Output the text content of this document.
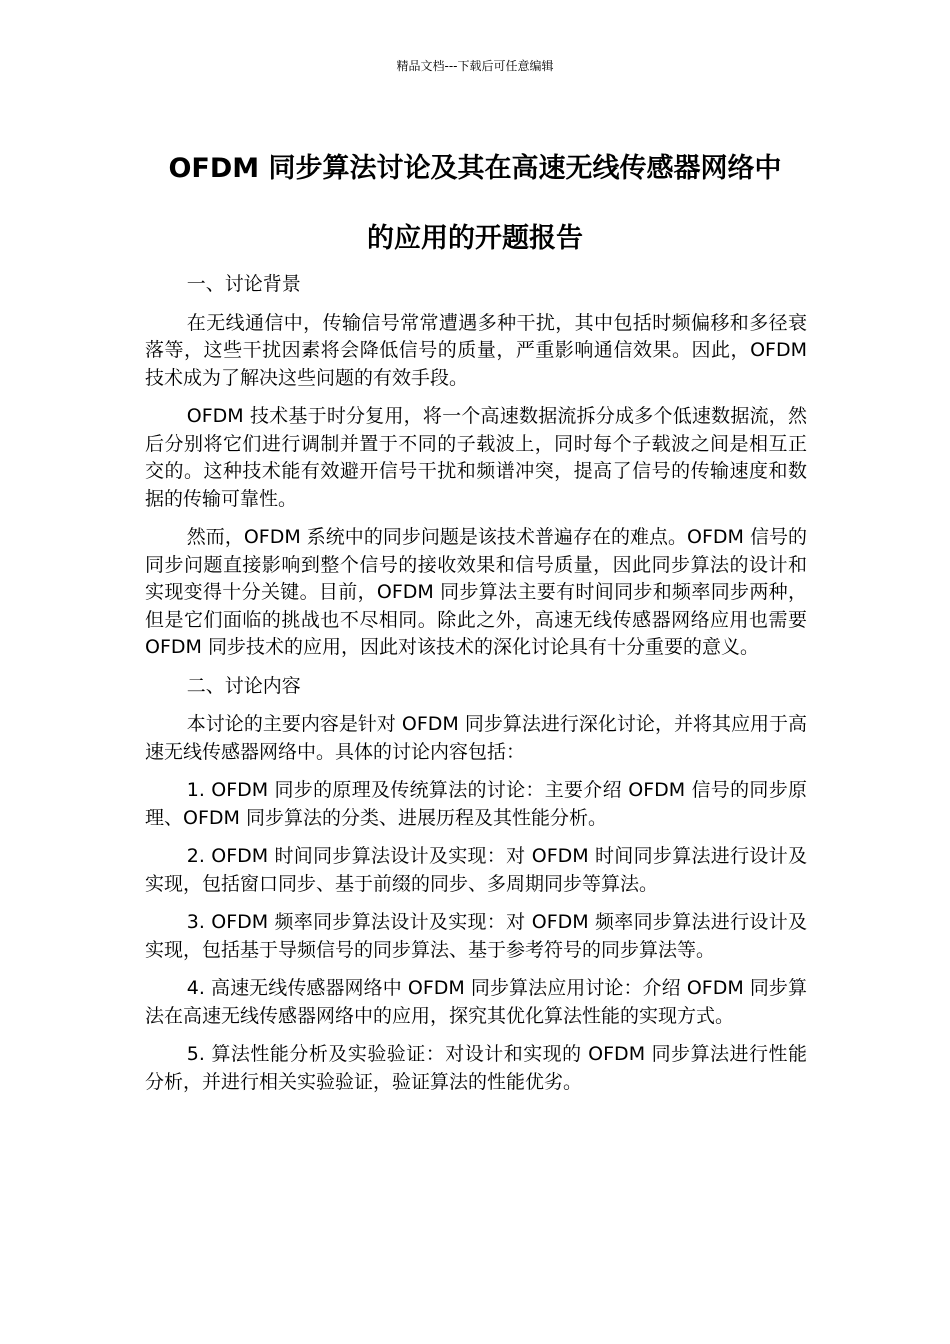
精品文档---下载后可任意编辑
OFDM 同步算法讨论及其在高速无线传感器网络中
的应用的开题报告

一、讨论背景

在无线通信中，传输信号常常遭遇多种干扰，其中包括时频偏移和多径衰落等，这些干扰因素将会降低信号的质量，严重影响通信效果。因此，OFDM 技术成为了解决这些问题的有效手段。

OFDM 技术基于时分复用，将一个高速数据流拆分成多个低速数据流，然后分别将它们进行调制并置于不同的子载波上，同时每个子载波之间是相互正交的。这种技术能有效避开信号干扰和频谱冲突，提高了信号的传输速度和数据的传输可靠性。

然而，OFDM 系统中的同步问题是该技术普遍存在的难点。OFDM 信号的同步问题直接影响到整个信号的接收效果和信号质量，因此同步算法的设计和实现变得十分关键。目前，OFDM 同步算法主要有时间同步和频率同步两种，但是它们面临的挑战也不尽相同。除此之外，高速无线传感器网络应用也需要 OFDM 同步技术的应用，因此对该技术的深化讨论具有十分重要的意义。

二、讨论内容

本讨论的主要内容是针对 OFDM 同步算法进行深化讨论，并将其应用于高速无线传感器网络中。具体的讨论内容包括：

1. OFDM 同步的原理及传统算法的讨论：主要介绍 OFDM 信号的同步原理、OFDM 同步算法的分类、进展历程及其性能分析。

2. OFDM 时间同步算法设计及实现：对 OFDM 时间同步算法进行设计及实现，包括窗口同步、基于前缀的同步、多周期同步等算法。

3. OFDM 频率同步算法设计及实现：对 OFDM 频率同步算法进行设计及实现，包括基于导频信号的同步算法、基于参考符号的同步算法等。

4. 高速无线传感器网络中 OFDM 同步算法应用讨论：介绍 OFDM 同步算法在高速无线传感器网络中的应用，探究其优化算法性能的实现方式。

5. 算法性能分析及实验验证：对设计和实现的 OFDM 同步算法进行性能分析，并进行相关实验验证，验证算法的性能优劣。
